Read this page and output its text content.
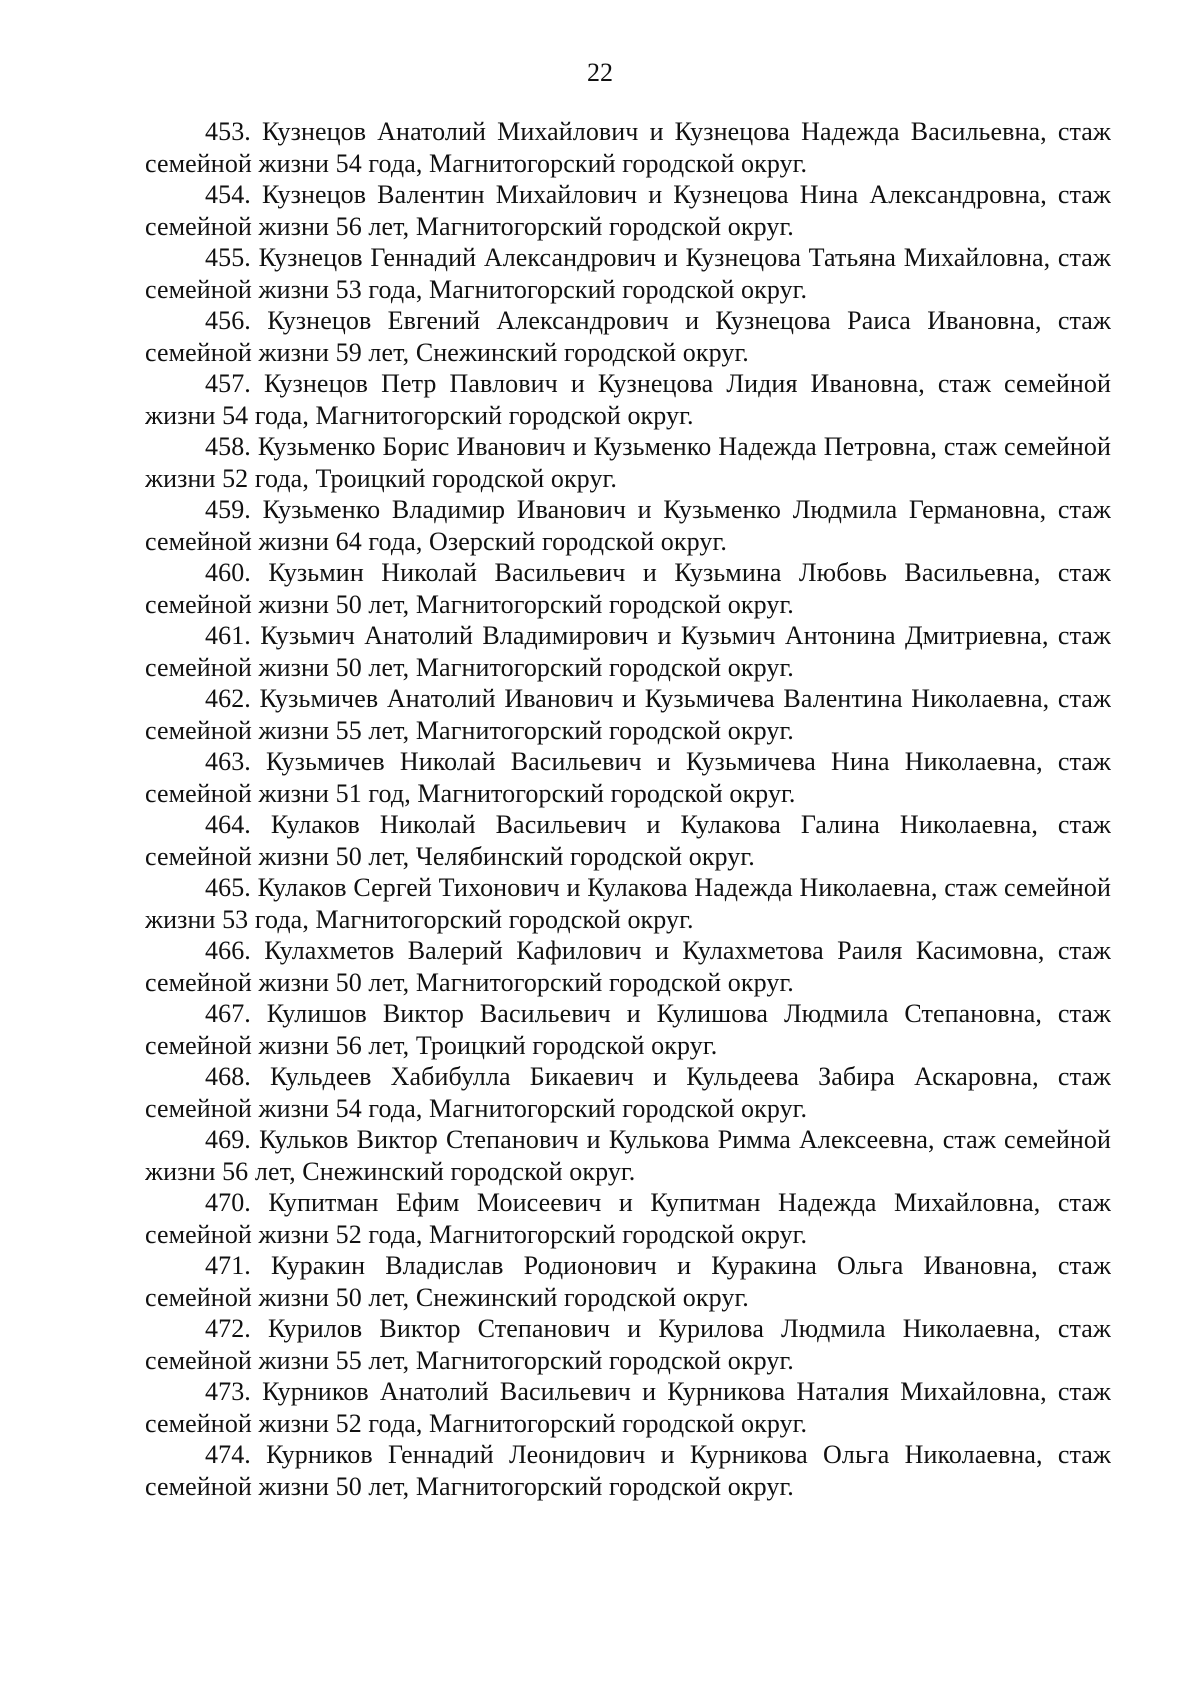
22
453. Кузнецов Анатолий Михайлович и Кузнецова Надежда Васильевна, стаж семейной жизни 54 года, Магнитогорский городской округ.
454. Кузнецов Валентин Михайлович и Кузнецова Нина Александровна, стаж семейной жизни 56 лет, Магнитогорский городской округ.
455. Кузнецов Геннадий Александрович и Кузнецова Татьяна Михайловна, стаж семейной жизни 53 года, Магнитогорский городской округ.
456. Кузнецов Евгений Александрович и Кузнецова Раиса Ивановна, стаж семейной жизни 59 лет, Снежинский городской округ.
457. Кузнецов Петр Павлович и Кузнецова Лидия Ивановна, стаж семейной жизни 54 года, Магнитогорский городской округ.
458. Кузьменко Борис Иванович и Кузьменко Надежда Петровна, стаж семейной жизни 52 года, Троицкий городской округ.
459. Кузьменко Владимир Иванович и Кузьменко Людмила Германовна, стаж семейной жизни 64 года, Озерский городской округ.
460. Кузьмин Николай Васильевич и Кузьмина Любовь Васильевна, стаж семейной жизни 50 лет, Магнитогорский городской округ.
461. Кузьмич Анатолий Владимирович и Кузьмич Антонина Дмитриевна, стаж семейной жизни 50 лет, Магнитогорский городской округ.
462. Кузьмичев Анатолий Иванович и Кузьмичева Валентина Николаевна, стаж семейной жизни 55 лет, Магнитогорский городской округ.
463. Кузьмичев Николай Васильевич и Кузьмичева Нина Николаевна, стаж семейной жизни 51 год, Магнитогорский городской округ.
464. Кулаков Николай Васильевич и Кулакова Галина Николаевна, стаж семейной жизни 50 лет, Челябинский городской округ.
465. Кулаков Сергей Тихонович и Кулакова Надежда Николаевна, стаж семейной жизни 53 года, Магнитогорский городской округ.
466. Кулахметов Валерий Кафилович и Кулахметова Раиля Касимовна, стаж семейной жизни 50 лет, Магнитогорский городской округ.
467. Кулишов Виктор Васильевич и Кулишова Людмила Степановна, стаж семейной жизни 56 лет, Троицкий городской округ.
468. Кульдеев Хабибулла Бикаевич и Кульдеева Забира Аскаровна, стаж семейной жизни 54 года, Магнитогорский городской округ.
469. Кульков Виктор Степанович и Кулькова Римма Алексеевна, стаж семейной жизни 56 лет, Снежинский городской округ.
470. Купитман Ефим Моисеевич и Купитман Надежда Михайловна, стаж семейной жизни 52 года, Магнитогорский городской округ.
471. Куракин Владислав Родионович и Куракина Ольга Ивановна, стаж семейной жизни 50 лет, Снежинский городской округ.
472. Курилов Виктор Степанович и Курилова Людмила Николаевна, стаж семейной жизни 55 лет, Магнитогорский городской округ.
473. Курников Анатолий Васильевич и Курникова Наталия Михайловна, стаж семейной жизни 52 года, Магнитогорский городской округ.
474. Курников Геннадий Леонидович и Курникова Ольга Николаевна, стаж семейной жизни 50 лет, Магнитогорский городской округ.
